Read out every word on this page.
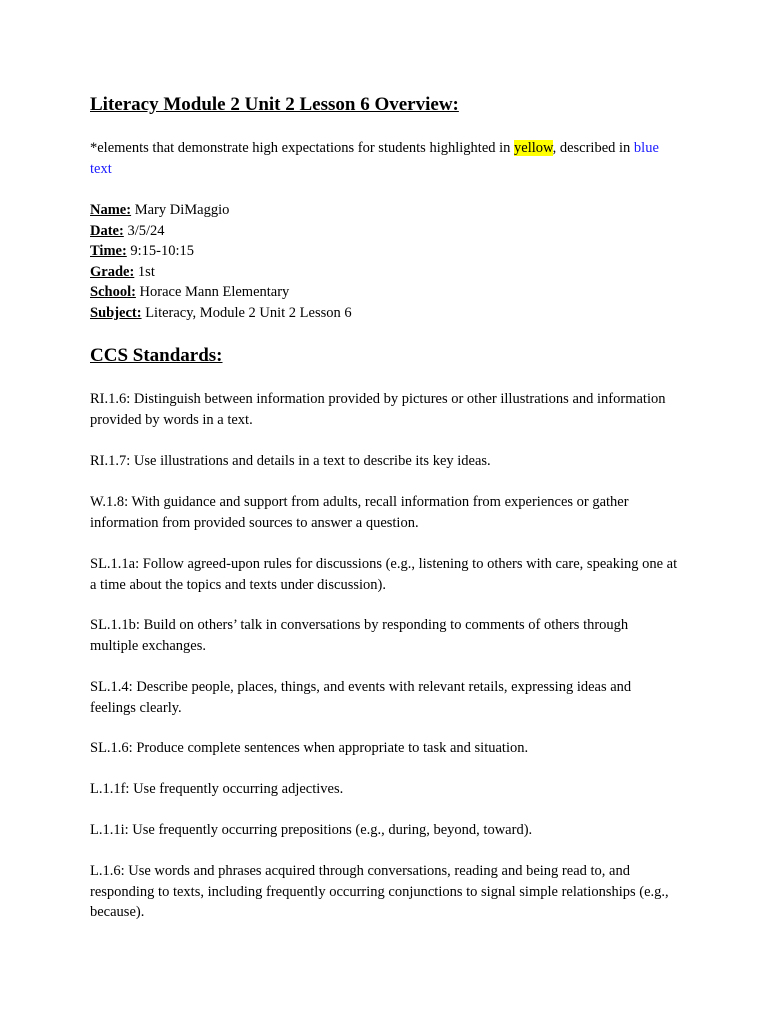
Literacy Module 2 Unit 2 Lesson 6 Overview:

*elements that demonstrate high expectations for students highlighted in yellow, described in blue text

Name: Mary DiMaggio
Date: 3/5/24
Time: 9:15-10:15
Grade: 1st
School: Horace Mann Elementary
Subject: Literacy, Module 2 Unit 2 Lesson 6
CCS Standards:

RI.1.6: Distinguish between information provided by pictures or other illustrations and information provided by words in a text.

RI.1.7: Use illustrations and details in a text to describe its key ideas.

W.1.8: With guidance and support from adults, recall information from experiences or gather information from provided sources to answer a question.

SL.1.1a: Follow agreed-upon rules for discussions (e.g., listening to others with care, speaking one at a time about the topics and texts under discussion).

SL.1.1b: Build on others’ talk in conversations by responding to comments of others through multiple exchanges.

SL.1.4: Describe people, places, things, and events with relevant retails, expressing ideas and feelings clearly.

SL.1.6: Produce complete sentences when appropriate to task and situation.

L.1.1f: Use frequently occurring adjectives.

L.1.1i: Use frequently occurring prepositions (e.g., during, beyond, toward).

L.1.6: Use words and phrases acquired through conversations, reading and being read to, and responding to texts, including frequently occurring conjunctions to signal simple relationships (e.g., because).
